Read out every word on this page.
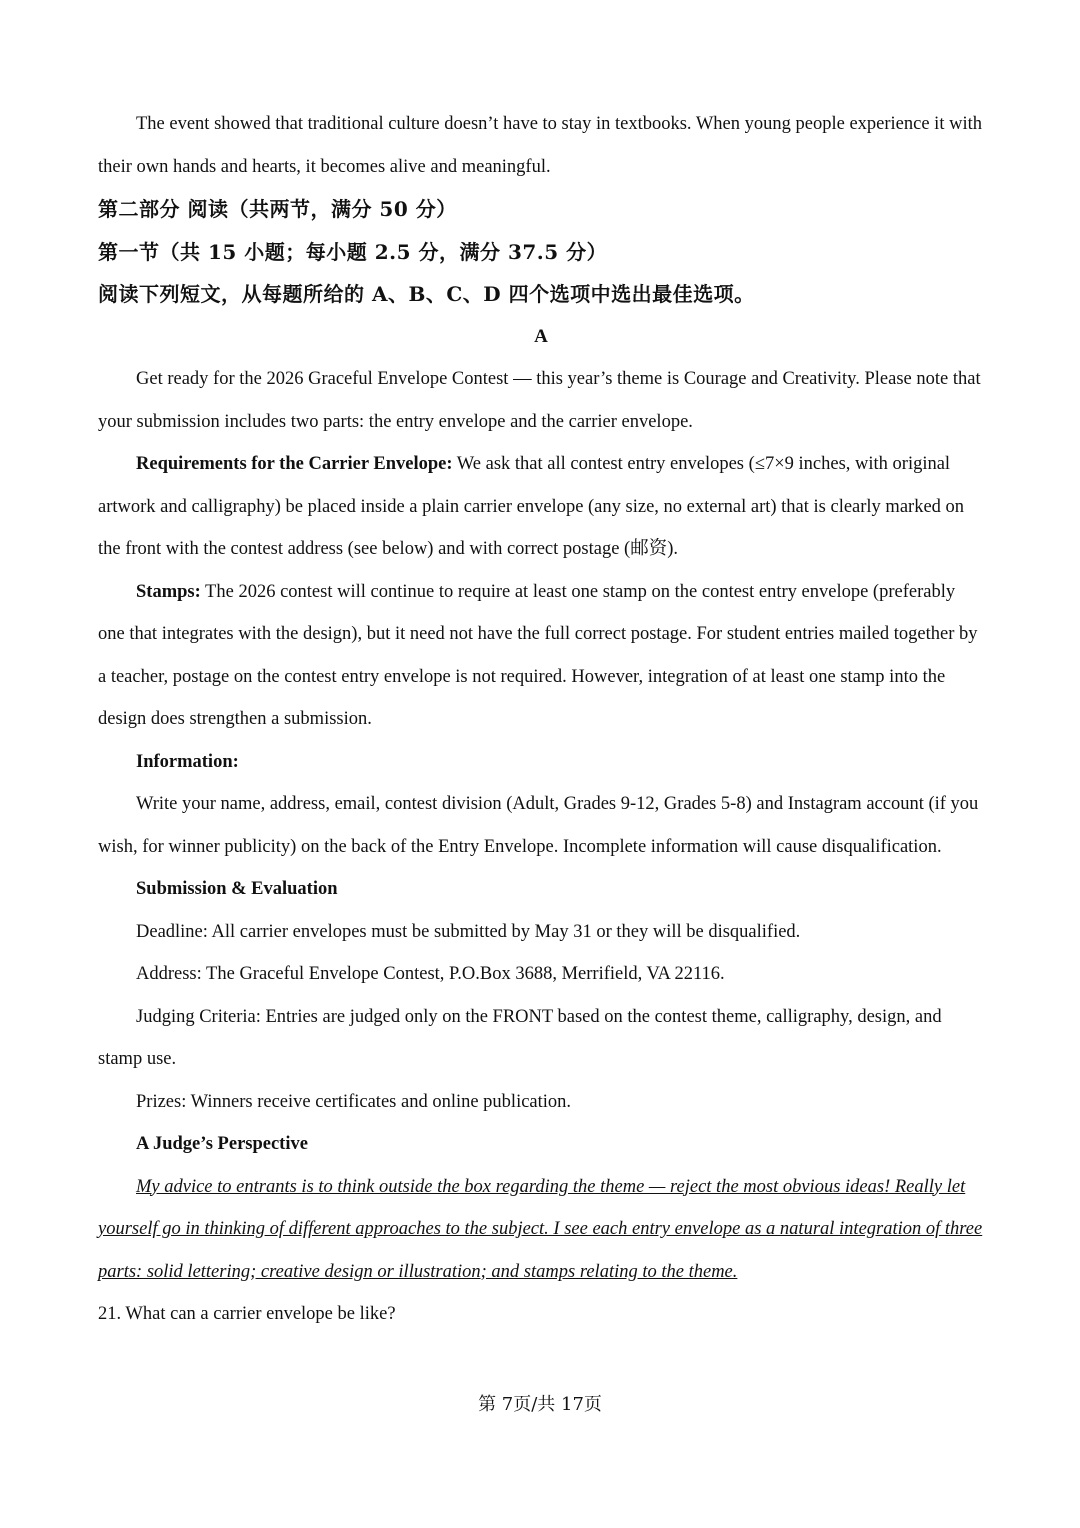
The event showed that traditional culture doesn’t have to stay in textbooks. When young people experience it with their own hands and hearts, it becomes alive and meaningful.

第二部分 阅读（共两节，满分 50 分）

第一节（共 15 小题；每小题 2.5 分，满分 37.5 分）

阅读下列短文，从每题所给的 A、B、C、D 四个选项中选出最佳选项。

A

Get ready for the 2026 Graceful Envelope Contest — this year’s theme is Courage and Creativity. Please note that your submission includes two parts: the entry envelope and the carrier envelope.

Requirements for the Carrier Envelope: We ask that all contest entry envelopes (≤7×9 inches, with original artwork and calligraphy) be placed inside a plain carrier envelope (any size, no external art) that is clearly marked on the front with the contest address (see below) and with correct postage (邮资).

Stamps: The 2026 contest will continue to require at least one stamp on the contest entry envelope (preferably one that integrates with the design), but it need not have the full correct postage. For student entries mailed together by a teacher, postage on the contest entry envelope is not required. However, integration of at least one stamp into the design does strengthen a submission.

Information:

Write your name, address, email, contest division (Adult, Grades 9-12, Grades 5-8) and Instagram account (if you wish, for winner publicity) on the back of the Entry Envelope. Incomplete information will cause disqualification.

Submission & Evaluation

Deadline: All carrier envelopes must be submitted by May 31 or they will be disqualified.

Address: The Graceful Envelope Contest, P.O.Box 3688, Merrifield, VA 22116.

Judging Criteria: Entries are judged only on the FRONT based on the contest theme, calligraphy, design, and stamp use.

Prizes: Winners receive certificates and online publication.

A Judge’s Perspective

My advice to entrants is to think outside the box regarding the theme — reject the most obvious ideas! Really let yourself go in thinking of different approaches to the subject. I see each entry envelope as a natural integration of three parts: solid lettering; creative design or illustration; and stamps relating to the theme.

21. What can a carrier envelope be like?

第 7页/共 17页
